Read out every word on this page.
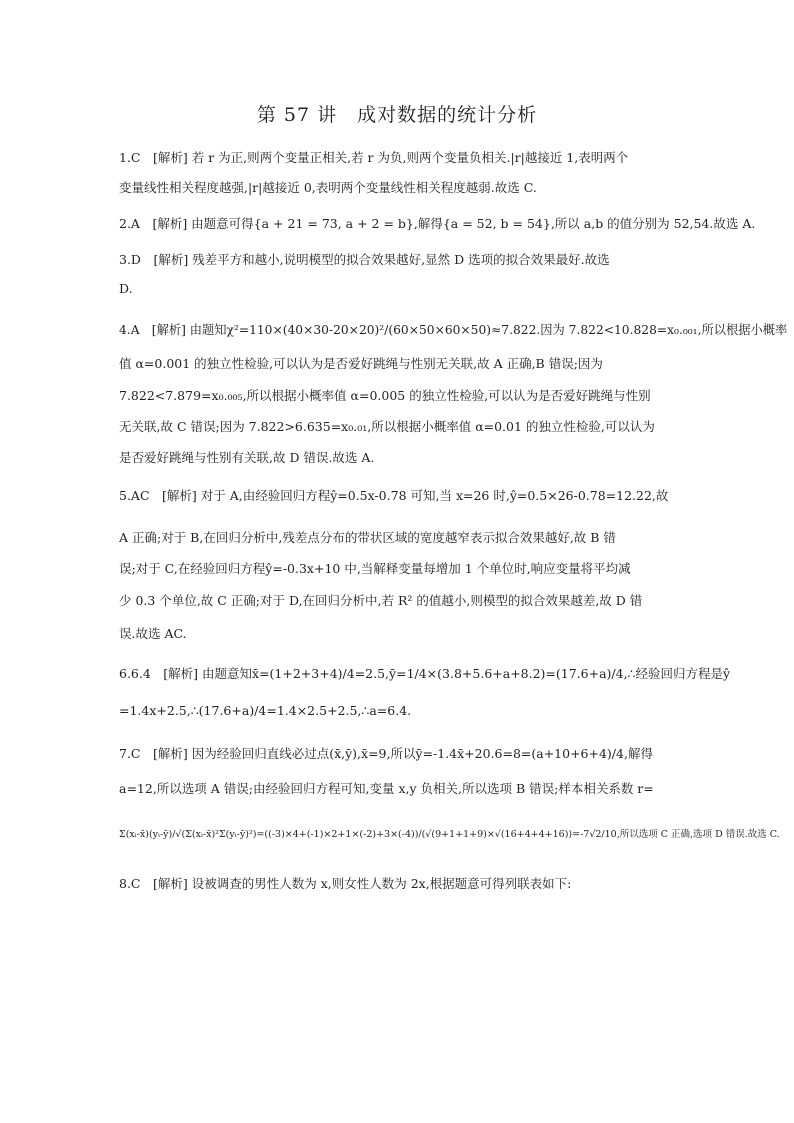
第 57 讲　成对数据的统计分析
1.C　[解析] 若 r 为正,则两个变量正相关,若 r 为负,则两个变量负相关.|r|越接近 1,表明两个
变量线性相关程度越强,|r|越接近 0,表明两个变量线性相关程度越弱.故选 C.
2.A　[解析] 由题意可得{a + 21 = 73, a + 2 = b},解得{a = 52, b = 54},所以 a,b 的值分别为 52,54.故选 A.
3.D　[解析] 残差平方和越小,说明模型的拟合效果越好,显然 D 选项的拟合效果最好.故选
D.
4.A　[解析] 由题知χ²=110×(40×30-20×20)²/(60×50×60×50)≈7.822.因为 7.822<10.828=x₀.₀₀₁,所以根据小概率
值 α=0.001 的独立性检验,可以认为是否爱好跳绳与性别无关联,故 A 正确,B 错误;因为
7.822<7.879=x₀.₀₀₅,所以根据小概率值 α=0.005 的独立性检验,可以认为是否爱好跳绳与性别
无关联,故 C 错误;因为 7.822>6.635=x₀.₀₁,所以根据小概率值 α=0.01 的独立性检验,可以认为
是否爱好跳绳与性别有关联,故 D 错误.故选 A.
5.AC　[解析] 对于 A,由经验回归方程ŷ=0.5x-0.78 可知,当 x=26 时,ŷ=0.5×26-0.78=12.22,故
A 正确;对于 B,在回归分析中,残差点分布的带状区域的宽度越窄表示拟合效果越好,故 B 错
误;对于 C,在经验回归方程ŷ=-0.3x+10 中,当解释变量每增加 1 个单位时,响应变量将平均减
少 0.3 个单位,故 C 正确;对于 D,在回归分析中,若 R² 的值越小,则模型的拟合效果越差,故 D 错
误.故选 AC.
6.6.4　[解析] 由题意知x̄=(1+2+3+4)/4=2.5,ȳ=1/4×(3.8+5.6+a+8.2)=(17.6+a)/4,∴经验回归方程是ŷ
=1.4x+2.5,∴(17.6+a)/4=1.4×2.5+2.5,∴a=6.4.
7.C　[解析] 因为经验回归直线必过点(x̄,ȳ),x̄=9,所以ȳ=-1.4x̄+20.6=8=(a+10+6+4)/4,解得
a=12,所以选项 A 错误;由经验回归方程可知,变量 x,y 负相关,所以选项 B 错误;样本相关系数 r=
Σ(xᵢ-x̄)(yᵢ-ȳ)/√(Σ(xᵢ-x̄)²Σ(yᵢ-ȳ)²)=((-3)×4+(-1)×2+1×(-2)+3×(-4))/(√(9+1+1+9)×√(16+4+4+16))=-7√2/10,所以选项 C 正确,选项 D 错误.故选 C.
8.C　[解析] 设被调查的男性人数为 x,则女性人数为 2x,根据题意可得列联表如下:
